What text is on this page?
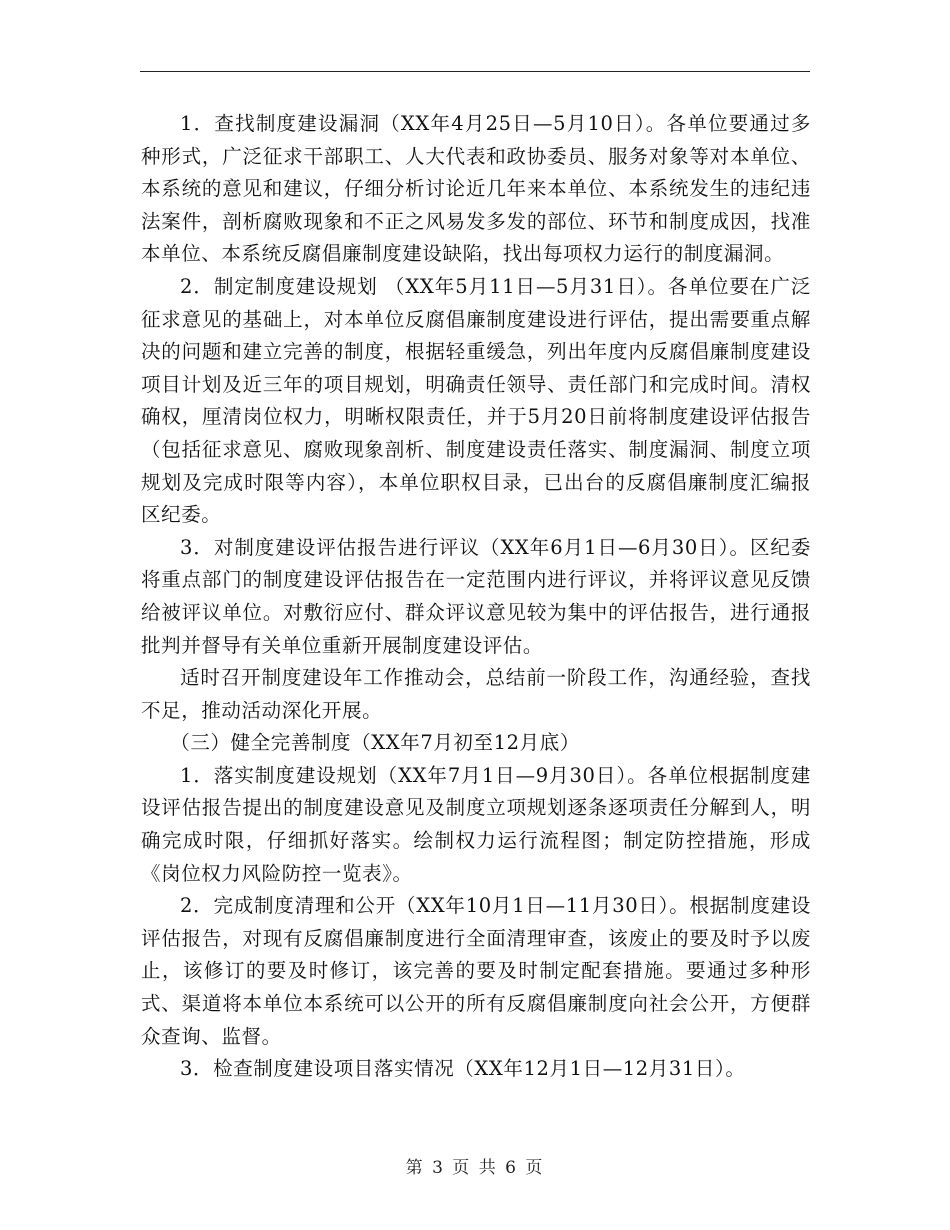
1．查找制度建设漏洞（XX年4月25日—5月10日）。各单位要通过多种形式，广泛征求干部职工、人大代表和政协委员、服务对象等对本单位、本系统的意见和建议，仔细分析讨论近几年来本单位、本系统发生的违纪违法案件，剖析腐败现象和不正之风易发多发的部位、环节和制度成因，找准本单位、本系统反腐倡廉制度建设缺陷，找出每项权力运行的制度漏洞。

2．制定制度建设规划 （XX年5月11日—5月31日）。各单位要在广泛征求意见的基础上，对本单位反腐倡廉制度建设进行评估，提出需要重点解决的问题和建立完善的制度，根据轻重缓急，列出年度内反腐倡廉制度建设项目计划及近三年的项目规划，明确责任领导、责任部门和完成时间。清权确权，厘清岗位权力，明晰权限责任，并于5月20日前将制度建设评估报告（包括征求意见、腐败现象剖析、制度建设责任落实、制度漏洞、制度立项规划及完成时限等内容），本单位职权目录，已出台的反腐倡廉制度汇编报区纪委。

3．对制度建设评估报告进行评议（XX年6月1日—6月30日）。区纪委将重点部门的制度建设评估报告在一定范围内进行评议，并将评议意见反馈给被评议单位。对敷衍应付、群众评议意见较为集中的评估报告，进行通报批判并督导有关单位重新开展制度建设评估。

适时召开制度建设年工作推动会，总结前一阶段工作，沟通经验，查找不足，推动活动深化开展。

（三）健全完善制度（XX年7月初至12月底）

1．落实制度建设规划（XX年7月1日—9月30日）。各单位根据制度建设评估报告提出的制度建设意见及制度立项规划逐条逐项责任分解到人，明确完成时限，仔细抓好落实。绘制权力运行流程图；制定防控措施，形成《岗位权力风险防控一览表》。

2．完成制度清理和公开（XX年10月1日—11月30日）。根据制度建设评估报告，对现有反腐倡廉制度进行全面清理审查，该废止的要及时予以废止，该修订的要及时修订，该完善的要及时制定配套措施。要通过多种形式、渠道将本单位本系统可以公开的所有反腐倡廉制度向社会公开，方便群众查询、监督。

3．检查制度建设项目落实情况（XX年12月1日—12月31日）。

第 3 页 共 6 页
